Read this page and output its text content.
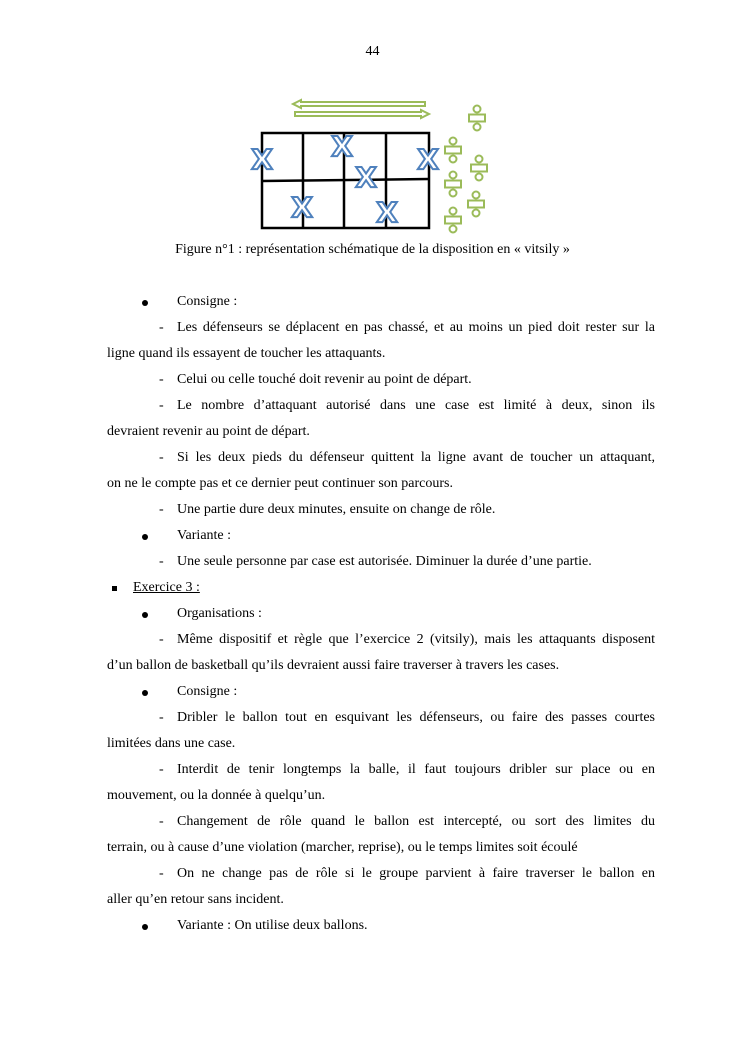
44
X X
X
X
X X
Figure n°1 : représentation schématique de la disposition en « vitsily »
Consigne :
- Les défenseurs se déplacent en pas chassé, et au moins un pied doit rester sur la
ligne quand ils essayent de toucher les attaquants.
- Celui ou celle touché doit revenir au point de départ.
- Le nombre d’attaquant autorisé dans une case est limité à deux, sinon ils
devraient revenir au point de départ.
- Si les deux pieds du défenseur quittent la ligne avant de toucher un attaquant,
on ne le compte pas et ce dernier peut continuer son parcours.
- Une partie dure deux minutes, ensuite on change de rôle.
Variante :
- Une seule personne par case est autorisée. Diminuer la durée d’une partie.
Exercice 3 :
Organisations :
- Même dispositif et règle que l’exercice 2 (vitsily), mais les attaquants disposent
d’un ballon de basketball qu’ils devraient aussi faire traverser à travers les cases.
Consigne :
- Dribler le ballon tout en esquivant les défenseurs, ou faire des passes courtes
limitées dans une case.
- Interdit de tenir longtemps la balle, il faut toujours dribler sur place ou en
mouvement, ou la donnée à quelqu’un.
- Changement de rôle quand le ballon est intercepté, ou sort des limites du
terrain, ou à cause d’une violation (marcher, reprise), ou le temps limites soit écoulé
- On ne change pas de rôle si le groupe parvient à faire traverser le ballon en
aller qu’en retour sans incident.
Variante : On utilise deux ballons.
